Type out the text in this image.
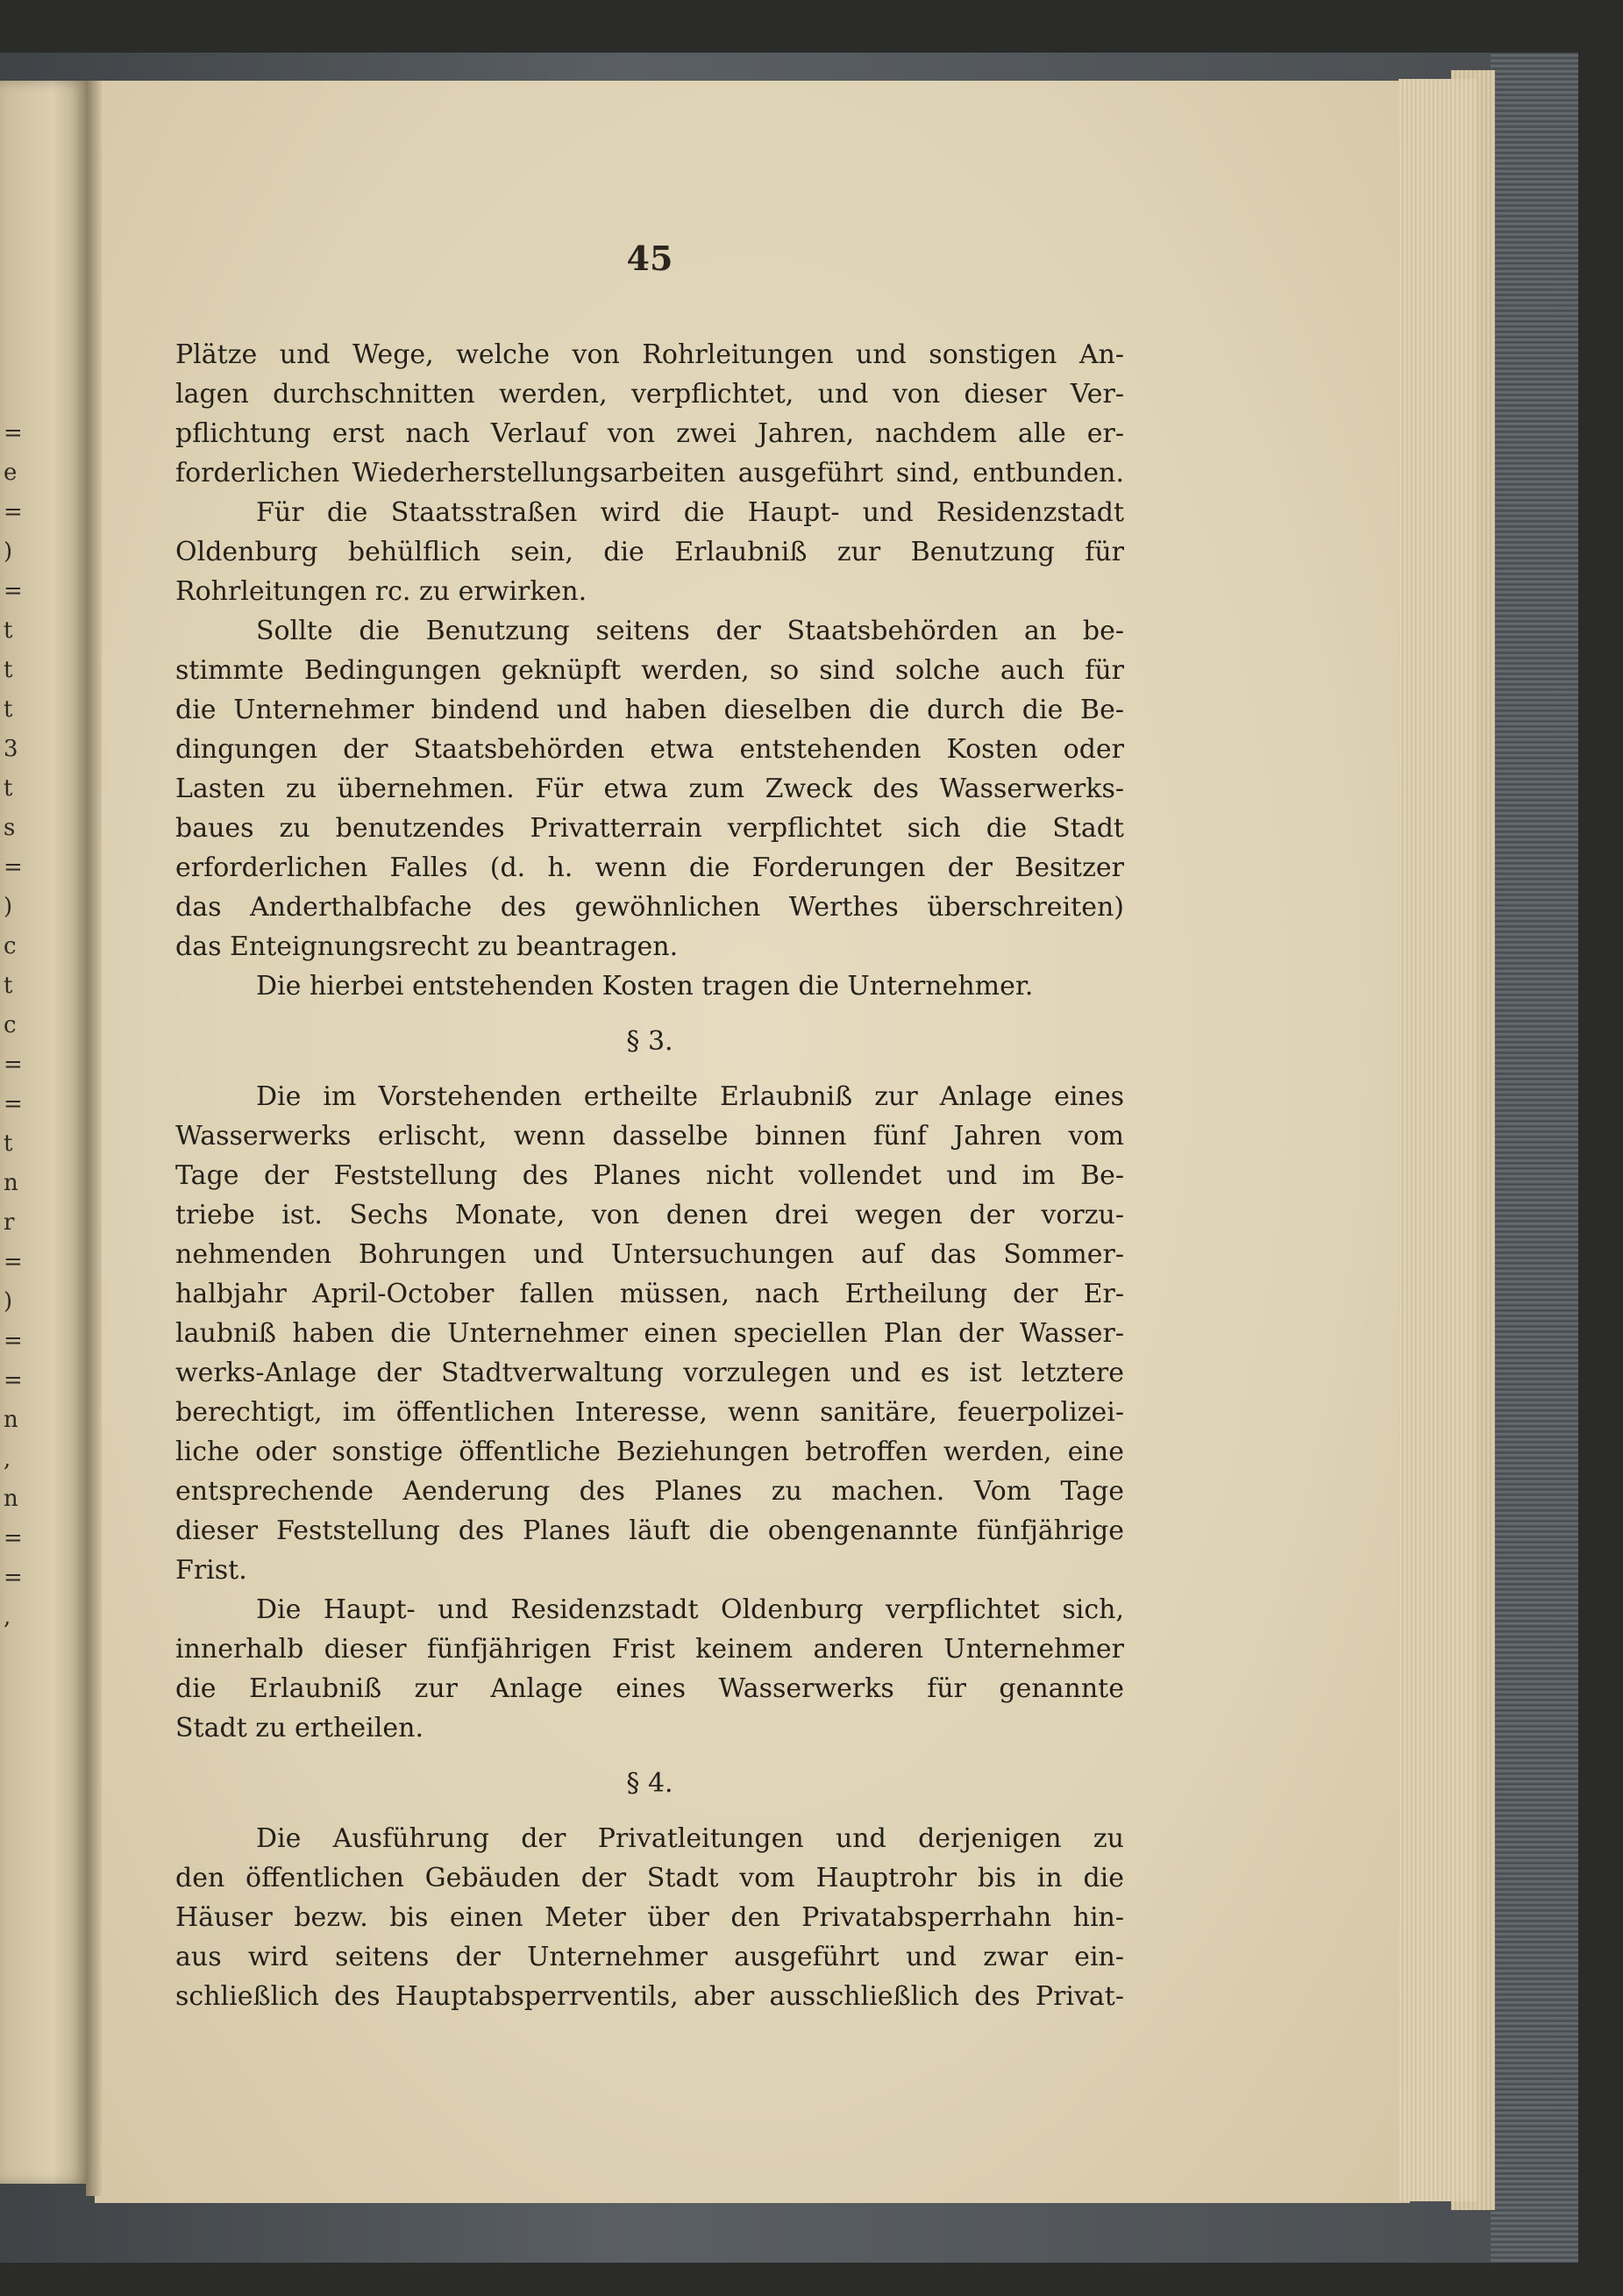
= e = ) = t t t 3 t s = ) c t c = = t n r = ) = = n , n = = ,
45
Plätze und Wege, welche von Rohrleitungen und sonstigen An-
lagen durchschnitten werden, verpflichtet, und von dieser Ver-
pflichtung erst nach Verlauf von zwei Jahren, nachdem alle er-
forderlichen Wiederherstellungsarbeiten ausgeführt sind, entbunden.
Für die Staatsstraßen wird die Haupt- und Residenzstadt
Oldenburg behülflich sein, die Erlaubniß zur Benutzung für
Rohrleitungen rc. zu erwirken.
Sollte die Benutzung seitens der Staatsbehörden an be-
stimmte Bedingungen geknüpft werden, so sind solche auch für
die Unternehmer bindend und haben dieselben die durch die Be-
dingungen der Staatsbehörden etwa entstehenden Kosten oder
Lasten zu übernehmen. Für etwa zum Zweck des Wasserwerks-
baues zu benutzendes Privatterrain verpflichtet sich die Stadt
erforderlichen Falles (d. h. wenn die Forderungen der Besitzer
das Anderthalbfache des gewöhnlichen Werthes überschreiten)
das Enteignungsrecht zu beantragen.
Die hierbei entstehenden Kosten tragen die Unternehmer.
§ 3.
Die im Vorstehenden ertheilte Erlaubniß zur Anlage eines
Wasserwerks erlischt, wenn dasselbe binnen fünf Jahren vom
Tage der Feststellung des Planes nicht vollendet und im Be-
triebe ist. Sechs Monate, von denen drei wegen der vorzu-
nehmenden Bohrungen und Untersuchungen auf das Sommer-
halbjahr April-October fallen müssen, nach Ertheilung der Er-
laubniß haben die Unternehmer einen speciellen Plan der Wasser-
werks-Anlage der Stadtverwaltung vorzulegen und es ist letztere
berechtigt, im öffentlichen Interesse, wenn sanitäre, feuerpolizei-
liche oder sonstige öffentliche Beziehungen betroffen werden, eine
entsprechende Aenderung des Planes zu machen. Vom Tage
dieser Feststellung des Planes läuft die obengenannte fünfjährige
Frist.
Die Haupt- und Residenzstadt Oldenburg verpflichtet sich,
innerhalb dieser fünfjährigen Frist keinem anderen Unternehmer
die Erlaubniß zur Anlage eines Wasserwerks für genannte
Stadt zu ertheilen.
§ 4.
Die Ausführung der Privatleitungen und derjenigen zu
den öffentlichen Gebäuden der Stadt vom Hauptrohr bis in die
Häuser bezw. bis einen Meter über den Privatabsperrhahn hin-
aus wird seitens der Unternehmer ausgeführt und zwar ein-
schließlich des Hauptabsperrventils, aber ausschließlich des Privat-
